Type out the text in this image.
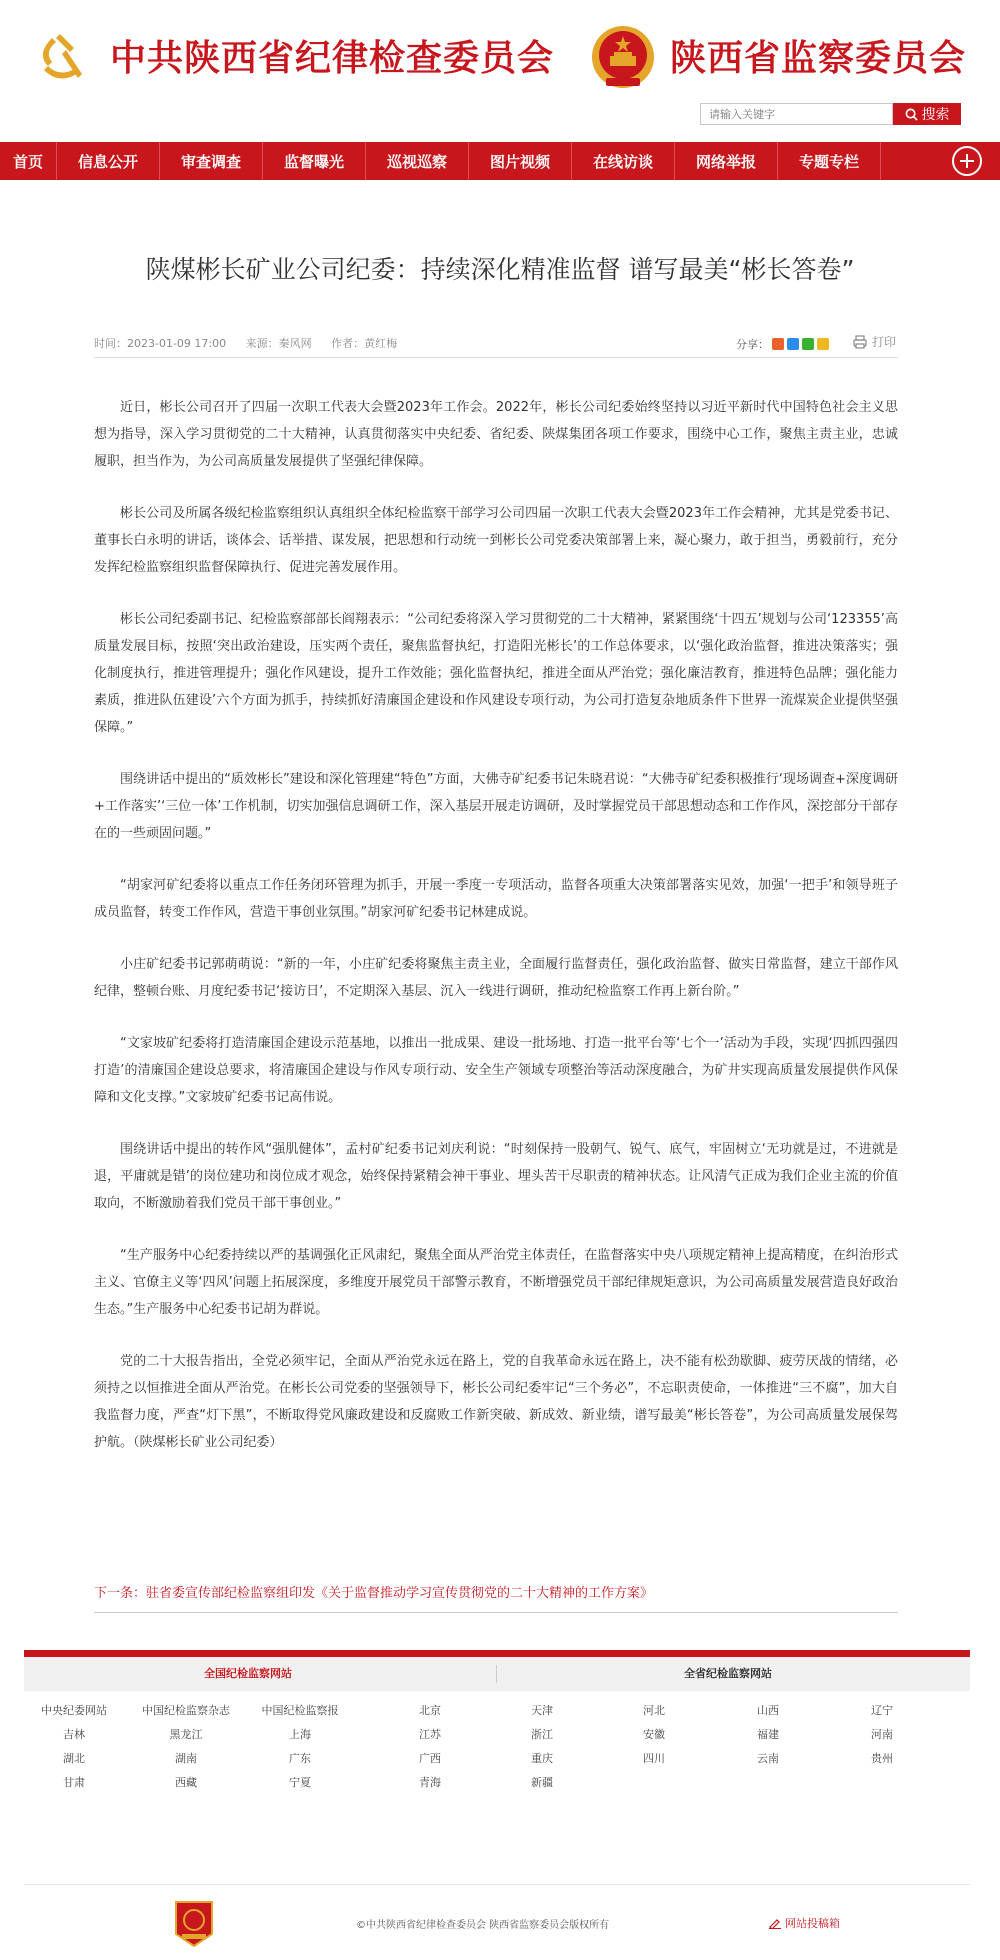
中共陕西省纪律检查委员会	陕西省监察委员会
请输入关键字
搜索
首页	信息公开	审查调查	监督曝光	巡视巡察	图片视频	在线访谈	网络举报	专题专栏
陕煤彬长矿业公司纪委：持续深化精准监督 谱写最美“彬长答卷”
时间：2023-01-09 17:00 来源：秦风网 作者：黄红梅	分享：	打印

近日，彬长公司召开了四届一次职工代表大会暨2023年工作会。2022年，彬长公司纪委始终坚持以习近平新时代中国特色社会主义思想为指导，深入学习贯彻党的二十大精神，认真贯彻落实中央纪委、省纪委、陕煤集团各项工作要求，围绕中心工作，聚焦主责主业，忠诚履职，担当作为，为公司高质量发展提供了坚强纪律保障。

彬长公司及所属各级纪检监察组织认真组织全体纪检监察干部学习公司四届一次职工代表大会暨2023年工作会精神，尤其是党委书记、董事长白永明的讲话，谈体会、话举措、谋发展，把思想和行动统一到彬长公司党委决策部署上来，凝心聚力，敢于担当，勇毅前行，充分发挥纪检监察组织监督保障执行、促进完善发展作用。

彬长公司纪委副书记、纪检监察部部长阎翔表示：“公司纪委将深入学习贯彻党的二十大精神，紧紧围绕‘十四五’规划与公司‘123355’高质量发展目标，按照‘突出政治建设，压实两个责任，聚焦监督执纪，打造阳光彬长’的工作总体要求，以‘强化政治监督，推进决策落实；强化制度执行，推进管理提升；强化作风建设，提升工作效能；强化监督执纪，推进全面从严治党；强化廉洁教育，推进特色品牌；强化能力素质，推进队伍建设’六个方面为抓手，持续抓好清廉国企建设和作风建设专项行动，为公司打造复杂地质条件下世界一流煤炭企业提供坚强保障。”

围绕讲话中提出的“质效彬长”建设和深化管理建“特色”方面，大佛寺矿纪委书记朱晓君说：“大佛寺矿纪委积极推行‘现场调查+深度调研+工作落实’‘三位一体’工作机制，切实加强信息调研工作，深入基层开展走访调研，及时掌握党员干部思想动态和工作作风，深挖部分干部存在的一些顽固问题。”

“胡家河矿纪委将以重点工作任务闭环管理为抓手，开展一季度一专项活动，监督各项重大决策部署落实见效，加强‘一把手’和领导班子成员监督，转变工作作风，营造干事创业氛围。”胡家河矿纪委书记林建成说。

小庄矿纪委书记郭萌萌说：“新的一年，小庄矿纪委将聚焦主责主业，全面履行监督责任，强化政治监督、做实日常监督，建立干部作风纪律，整顿台账、月度纪委书记‘接访日’，不定期深入基层、沉入一线进行调研，推动纪检监察工作再上新台阶。”

“文家坡矿纪委将打造清廉国企建设示范基地，以推出一批成果、建设一批场地、打造一批平台等‘七个一’活动为手段，实现‘四抓四强四打造’的清廉国企建设总要求，将清廉国企建设与作风专项行动、安全生产领域专项整治等活动深度融合，为矿井实现高质量发展提供作风保障和文化支撑。”文家坡矿纪委书记高伟说。

围绕讲话中提出的转作风“强肌健体”，孟村矿纪委书记刘庆利说：“时刻保持一股朝气、锐气、底气，牢固树立‘无功就是过，不进就是退，平庸就是错’的岗位建功和岗位成才观念，始终保持紧精会神干事业、埋头苦干尽职责的精神状态。让风清气正成为我们企业主流的价值取向，不断激励着我们党员干部干事创业。”

“生产服务中心纪委持续以严的基调强化正风肃纪，聚焦全面从严治党主体责任，在监督落实中央八项规定精神上提高精度，在纠治形式主义、官僚主义等‘四风’问题上拓展深度，多维度开展党员干部警示教育，不断增强党员干部纪律规矩意识，为公司高质量发展营造良好政治生态。”生产服务中心纪委书记胡为群说。

党的二十大报告指出，全党必须牢记，全面从严治党永远在路上，党的自我革命永远在路上，决不能有松劲歇脚、疲劳厌战的情绪，必须持之以恒推进全面从严治党。在彬长公司党委的坚强领导下，彬长公司纪委牢记“三个务必”，不忘职责使命，一体推进“三不腐”，加大自我监督力度，严查“灯下黑”，不断取得党风廉政建设和反腐败工作新突破、新成效、新业绩，谱写最美“彬长答卷”，为公司高质量发展保驾护航。（陕煤彬长矿业公司纪委）

下一条：驻省委宣传部纪检监察组印发《关于监督推动学习宣传贯彻党的二十大精神的工作方案》
全国纪检监察网站	全省纪检监察网站
中央纪委网站	中国纪检监察杂志	中国纪检监察报	北京	天津	河北	山西	辽宁
吉林	黑龙江	上海	江苏	浙江	安徽	福建	河南
湖北	湖南	广东	广西	重庆	四川	云南	贵州
甘肃	西藏	宁夏	青海	新疆
©中共陕西省纪律检查委员会 陕西省监察委员会版权所有	网站投稿箱
